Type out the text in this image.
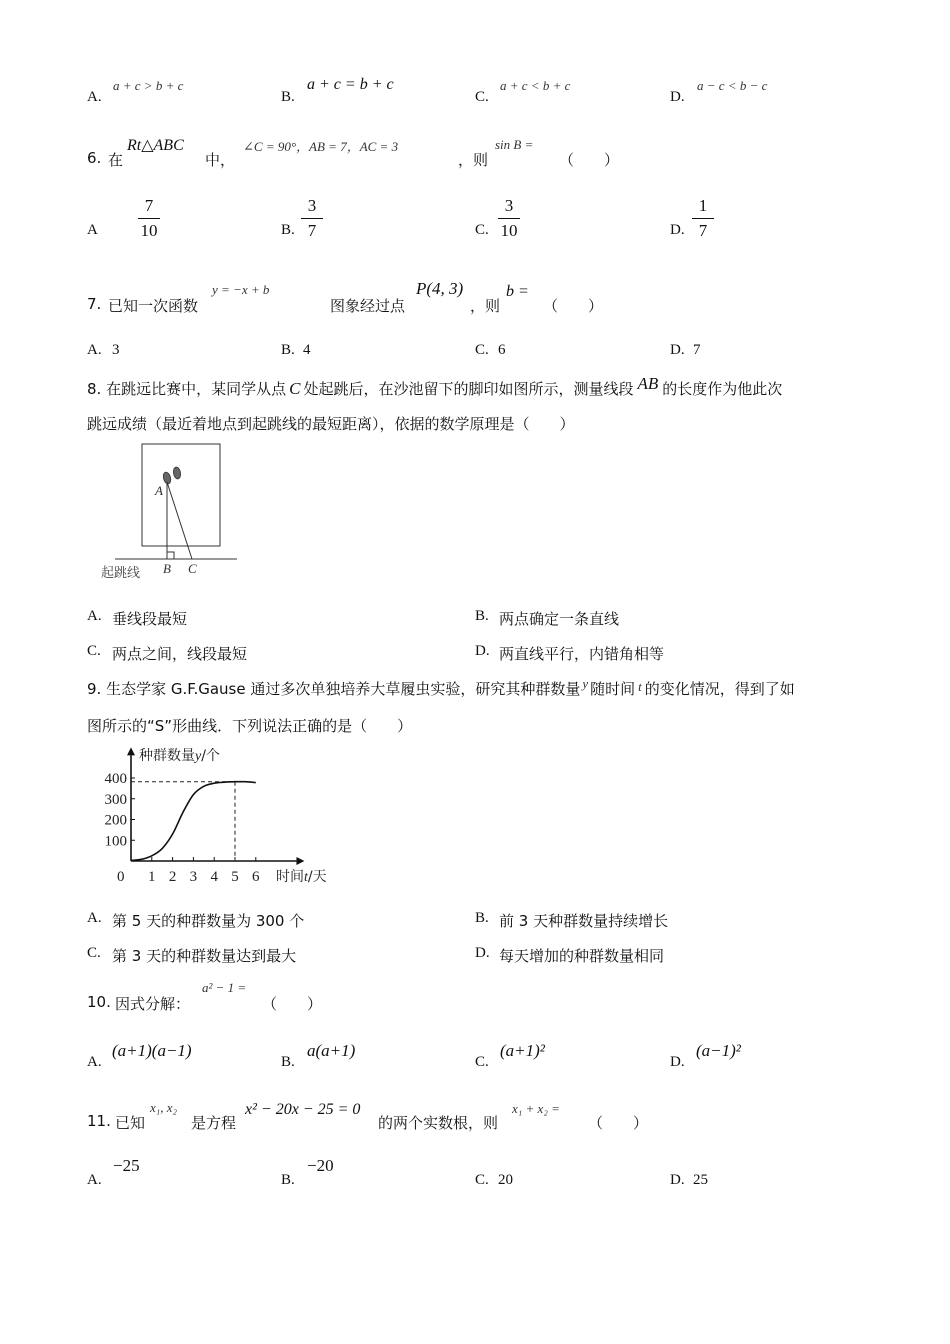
A.
a + c > b + c
B.
a + c = b + c
C.
a + c < b + c
D.
a − c < b − c
6. 在
Rt△ABC
中，
∠C = 90°，AB = 7，AC = 3
，则
sin B =
（　　）
A
7
10	B.
3
7	C.
3
10	D.
1
7
7. 已知一次函数
y = −x + b
图象经过点
P(4, 3)
，则
b =
（　　）
A. 3	B. 4	C. 6	D. 7
8. 在跳远比赛中，某同学从点 C 处起跳后，在沙池留下的脚印如图所示，测量线段 AB 的长度作为他此次
跳远成绩（最近着地点到起跳线的最短距离），依据的数学原理是（　　）
A
B C
起跳线
A. 垂线段最短	B. 两点确定一条直线
C. 两点之间，线段最短	D. 两直线平行，内错角相等
9. 生态学家 G.F.Gause 通过多次单独培养大草履虫实验，研究其种群数量 y 随时间 t 的变化情况，得到了如
图所示的“S”形曲线．下列说法正确的是（　　）
1 2 3 4 5 6
100
200
300
400
种群数量y/个
时间t/天
0
A. 第 5 天的种群数量为 300 个	B. 前 3 天种群数量持续增长
C. 第 3 天的种群数量达到最大	D. 每天增加的种群数量相同
10. 因式分解：
a² − 1 =
（　　）
A.
(a+1)(a−1)
B.
a(a+1)
C.
(a+1)²
D.
(a−1)²
11. 已知
x₁, x₂
是方程
x² − 20x − 25 = 0
的两个实数根，则
x₁ + x₂ =
（　　）
A.
−25
B.
−20
C. 20	D. 25
